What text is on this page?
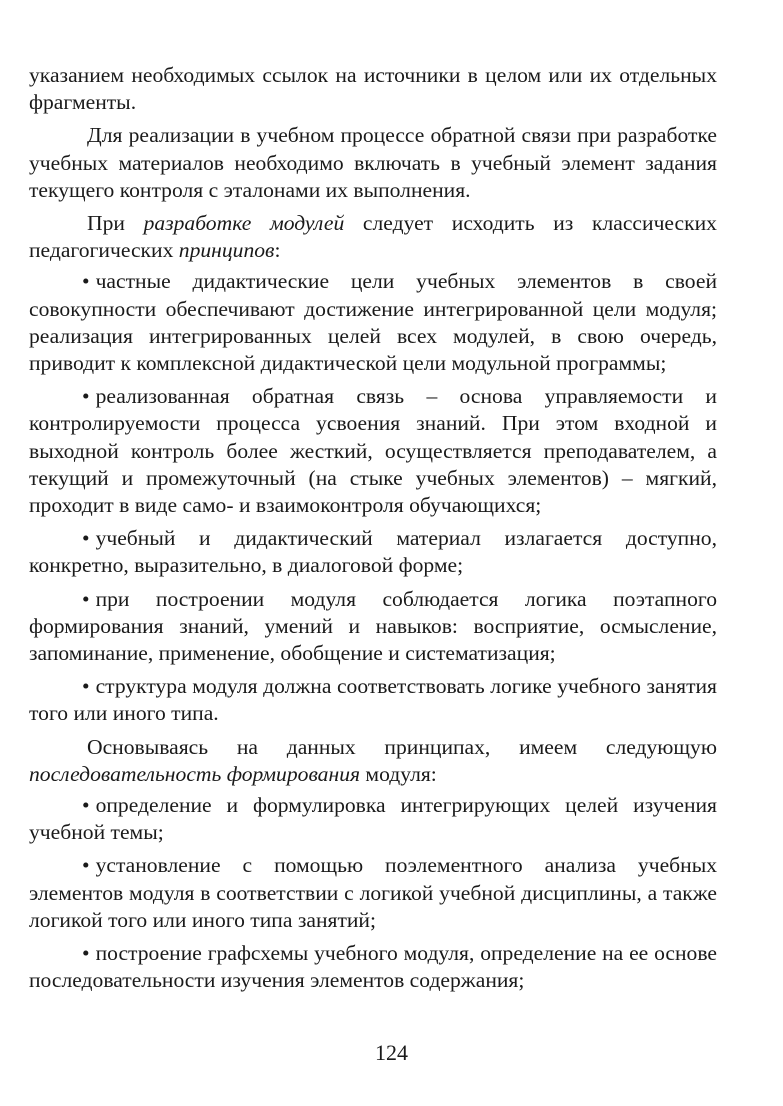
указанием необходимых ссылок на источники в целом или их отдельных фрагменты.

Для реализации в учебном процессе обратной связи при разработке учебных материалов необходимо включать в учебный элемент задания текущего контроля с эталонами их выполнения.

При разработке модулей следует исходить из классических педагогических принципов:

• частные дидактические цели учебных элементов в своей совокупности обеспечивают достижение интегрированной цели модуля; реализация интегрированных целей всех модулей, в свою очередь, приводит к комплексной дидактической цели модульной программы;

• реализованная обратная связь – основа управляемости и контролируемости процесса усвоения знаний. При этом входной и выходной контроль более жесткий, осуществляется преподавателем, а текущий и промежуточный (на стыке учебных элементов) – мягкий, проходит в виде само- и взаимоконтроля обучающихся;

• учебный и дидактический материал излагается доступно, конкретно, выразительно, в диалоговой форме;

• при построении модуля соблюдается логика поэтапного формирования знаний, умений и навыков: восприятие, осмысление, запоминание, применение, обобщение и систематизация;

• структура модуля должна соответствовать логике учебного занятия того или иного типа.

Основываясь на данных принципах, имеем следующую последовательность формирования модуля:

• определение и формулировка интегрирующих целей изучения учебной темы;

• установление с помощью поэлементного анализа учебных элементов модуля в соответствии с логикой учебной дисциплины, а также логикой того или иного типа занятий;

• построение графсхемы учебного модуля, определение на ее основе последовательности изучения элементов содержания;

124
